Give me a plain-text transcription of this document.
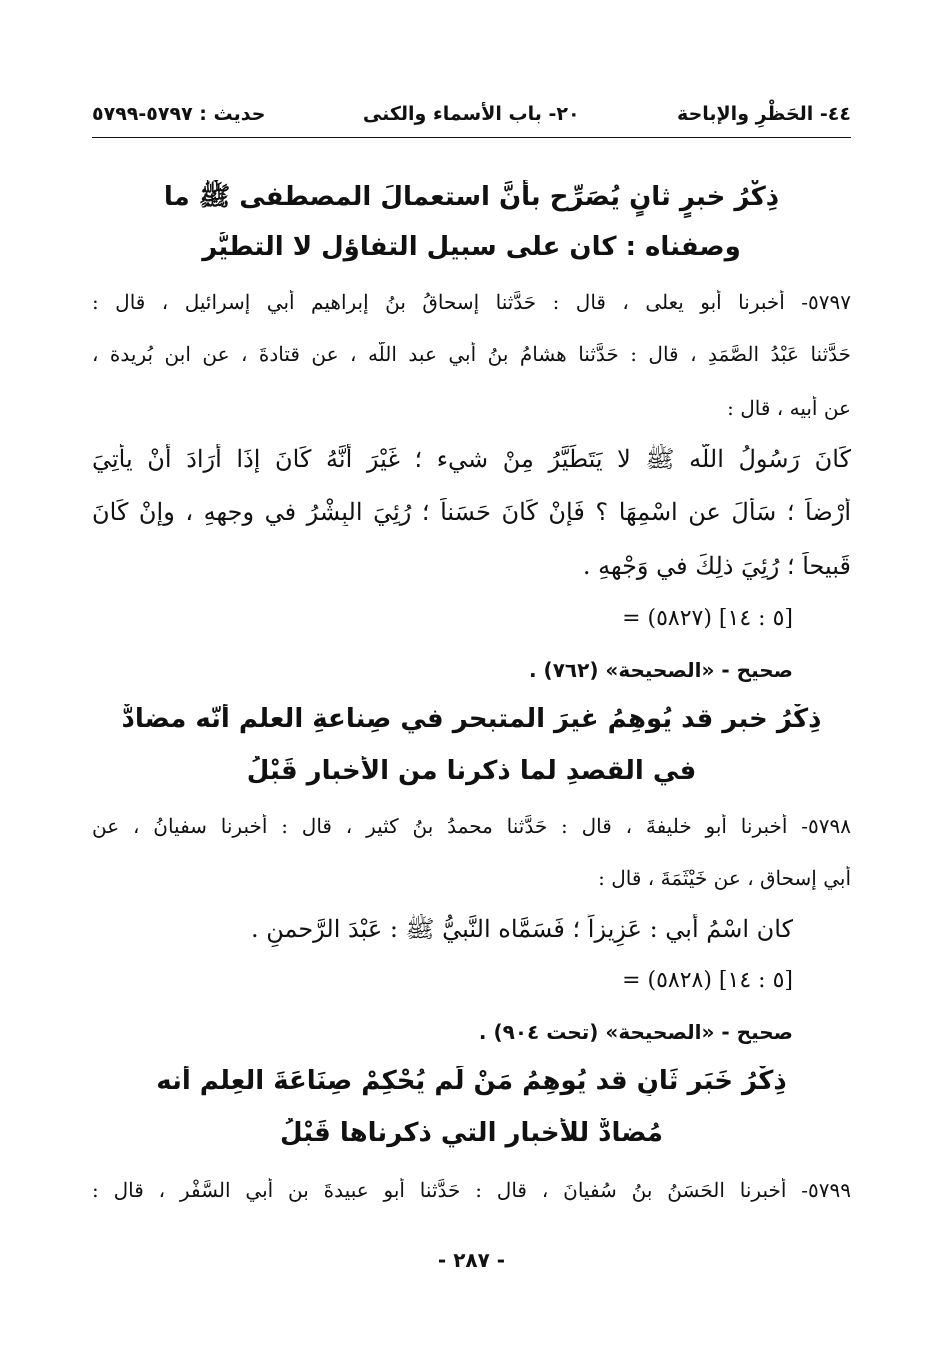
٤٤- الحَظْرِ والإباحة
٢٠- باب الأسماء والكنى
حديث : ٥٧٩٧-٥٧٩٩
ذِكْرُ خبرٍ ثانٍ يُصَرِّح بأنَّ استعمالَ المصطفى ﷺ ما
وصفناه : كان على سبيل التفاؤل لا التطيُّر
٥٧٩٧- أخبرنا أبو يعلى ، قال : حَدَّثنا إسحاقُ بنُ إبراهيم أبي إسرائيل ، قال :
حَدَّثنا عَبْدُ الصَّمَدِ ، قال : حَدَّثنا هشامُ بنُ أبي عبد اللّه ، عن قتادةَ ، عن ابن بُريدة ،
عن أبيه ، قال :
كَانَ رَسُولُ اللّه ﷺ لا يَتَطَيَّرُ مِنْ شيء ؛ غَيْرَ أَنَّهُ كَانَ إذَا أَرَادَ أَنْ يأتِيَ
أَرْضاً ؛ سَأَلَ عن اسْمِهَا ؟ فَإِنْ كَانَ حَسَناً ؛ رُئِيَ البِشْرُ في وجهِهِ ، وإِنْ كَانَ
قَبيحاً ؛ رُئِيَ ذلِكَ في وَجْهِهِ .
= (٥٨٢٧) [٥ : ١٤]
صحيح - «الصحيحة» (٧٦٢) .
ذِكْرُ خبرٍ قد يُوهِمُ غيرَ المتبحرِ في صِناعةِ العلمِ أنّه مضادٌّ
في القصدِ لما ذكرنا من الأخبارِ قَبْلُ
٥٧٩٨- أخبرنا أبو خليفةَ ، قال : حَدَّثنا محمدُ بنُ كثيرٍ ، قال : أخبرنا سفيانُ ، عن
أبي إسحاق ، عن خَيْثَمَةَ ، قال :
كان اسْمُ أبي : عَزِيزاً ؛ فَسَمَّاه النَّبيُّ ﷺ : عَبْدَ الرَّحمنِ .
= (٥٨٢٨) [٥ : ١٤]
صحيح - «الصحيحة» (تحت ٩٠٤) .
ذِكْرُ خَبَرٍ ثَانٍ قد يُوهِمُ مَنْ لَم يُحْكِمْ صِنَاعَةَ العِلمِ أنه
مُضادٌّ للأخبار التي ذكرناها قَبْلُ
٥٧٩٩- أخبرنا الحَسَنُ بنُ سُفيانَ ، قال : حَدَّثنا أبو عبيدةَ بن أبي السَّفْر ، قال :
- ٢٨٧ -
